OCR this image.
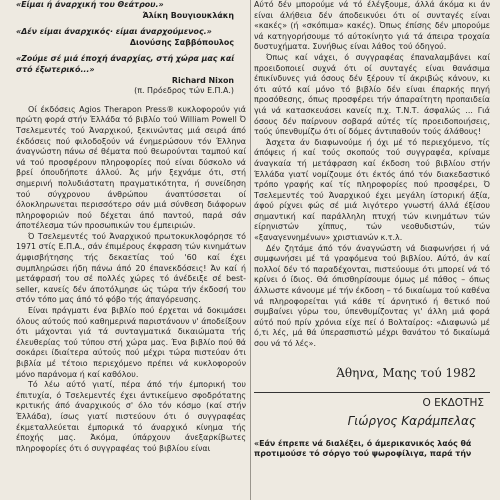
«Είμαι ή άναρχική του Θεάτρου.»
Άλίκη Βουγιουκλάκη
«Δέν είμαι άναρχικός· είμαι άναρχούμενος.»
Διονύσης Σαββόπουλος
«Ζούμε σέ μιά έποχή άναρχίας, στή χώρα μας καί στό έξωτερικό...»
Richard Nixon
(π. Πρόεδρος τών Ε.Π.Α.)

Οί έκδόσεις Agios Therapon Press® κυκλοφορούν γιά πρώτη φορά στήν Έλλάδα τό βιβλίο τού William Powell Ό Τσελεμεντές τού Άναρχικού, ξεκινώντας μιά σειρά άπό έκδόσεις πού φιλοδοξούν νά ένημερώσουν τόν Έλληνα άναγνώστη πάνω σέ θέματα πού θεωρούνται ταμπού καί νά τού προσφέρουν πληροφορίες πού είναι δύσκολο νά βρεί όπουδήποτε άλλού. Άς μήν ξεχνάμε ότι, στή σημερινή πολυδιάστατη πραγματικότητα, ή συνείδηση τού σύγχρονου άνθρώπου άναπτύσσεται οί όλοκληρωνεται περισσότερο σάν μιά σύνθεση διάφορων πληροφοριών πού δέχεται άπό παντού, παρά σάν άποτέλεσμα τών προσωπικών του έμπειριών.

Ό Τσελεμεντές τού Άναρχικού πρωτοκυκλοφόρησε τό 1971 στίς Ε.Π.Α., σάν έπιμέρους έκφραση τών κινημάτων άμφισβήτησης τής δεκαετίας τού '60 καί έχει συμπληρώσει ήδη πάνω άπό 20 έπανεκδόσεις! Άν καί ή μετάφρασή του σέ πολλές χώρες τό άνέδειξε σέ best-seller, κανείς δέν άποτόλμησε ώς τώρα τήν έκδοσή του στόν τόπο μας άπό τό φόβο τής άπαγόρευσης.

Είναι πράγματι ένα βιβλίο πού έρχεται νά δοκιμάσει όλους αύτούς πού καθημερινά παριστάνουν ν' άποδείξουν ότι μάχονται γιά τά συνταγματικά δικαιώματα τής έλευθερίας τού τύπου στή χώρα μας. Ένα βιβλίο πού θά σοκάρει ίδιαίτερα αύτούς πού μέχρι τώρα πιστεύαν ότι βιβλία μέ τέτοιο περιεχόμενο πρέπει νά κυκλοφορούν μόνο παράνομα ή καί καθόλου.

Τό λέω αύτό γιατί, πέρα άπό τήν έμπορική του έπιτυχία, ό Τσελεμεντές έχει άντικείμενο σφοδρότατης κριτικής άπό άναρχικούς σ' όλο τόν κόσμο (καί στήν Έλλάδα), ίσως γιατί πιστεύουν ότι ό συγγραφέας έκμεταλλεύεται έμπορικά τό άναρχικό κίνημα τής έποχής μας. Άκόμα, ύπάρχουν άνεξαρκίβωτες πληροφορίες ότι ό συγγραφέας τού βιβλίου είναι

Αύτό δέν μπορούμε νά τό έλέγξουμε, άλλά άκόμα κι άν είναι άλήθεια δέν άποδεικνύει ότι οί συνταγές είναι «κακές» (ή «σκόπιμα» κακές). Όπως έπίσης δέν μπορούμε νά κατηγορήσουμε τό αύτοκίνητο γιά τά άπειρα τροχαία δυστυχήματα. Συνήθως είναι λάθος τού όδηγού.

Όπως καί νάχει, ό συγγραφέας έπαναλαμβάνει καί προειδοποιεί συχνά ότι οί συνταγές είναι θανάσιμα έπικίνδυνες γιά όσους δέν ξέρουν τί άκριβώς κάνουν, κι ότι αύτό καί μόνο τό βιβλίο δέν είναι έπαρκής πηγή προσόθεσης, όπως προσφέρει τήν άπαραίτητη προπαιδεία γιά νά κατασκευάσει κανείς π.χ. Τ.Ν.Τ. άσφαλώς ... Γιά όσους δέν παίρνουν σοβαρά αύτές τίς προειδοποιήσεις, τούς ύπενθυμίζω ότι οί δόμες άντιπαθούν τούς άλάθους!

Άσχετα άν διαφωνούμε ή όχι μέ τό περιεχόμενο, τίς άπόψεις ή καί τούς σκοπούς τού συγγραφέα, κρίναμε άναγκαία τή μετάφραση καί έκδοση τού βιβλίου στήν Έλλάδα γιατί νομίζουμε ότι έκτός άπό τόν διακεδαστικό τρόπο γραφής καί τίς πληροφορίες πού προσφέρει, Ό Τσελεμεντές τού Άναρχικού έχει μεγάλη ίστορική άξία, άφού ρίχνει φώς σέ μιά λιγότερο γνωστή άλλά έξίσου σημαντική καί παράλληλη πτυχή τών κινημάτων τών είρηνιστών χίππυς, τών νεοθυδιστών, τών «ξαναγεννημένων» χριστιανών κ.τ.λ.

Δέν ζητάμε άπό τόν άναγνώστη νά διαφωνήσει ή νά συμφωνήσει μέ τά γραφόμενα τού βιβλίου. Αύτό, άν καί πολλοί δέν τό παραδέχονται, πιστεύουμε ότι μπορεί νά τό κρίνει ό ίδιος. Θά όπισθηρίσουμε όμως μέ πάθος – όπως άλλωστε κάνουμε μέ τήν έκδοση – τό δικαίωμα τού καθένα νά πληροφορείται γιά κάθε τί άρνητικό ή θετικό πού συμβαίνει γύρω του, ύπενθυμίζοντας γι' άλλη μιά φορά αύτό πού πρίν χρόνια είχε πεί ό Βολταίρος: «Διαφωνώ μέ ό,τι λές, μά θά ύπερασπιστώ μέχρι θανάτου τό δικαίωμά σου νά τό λές».

Άθηνα, Μαης τού 1982
Ο ΕΚΔΟΤΗΣ
Γιώργος Καράμπελας
«Εάν έπρεπε νά διαλέξει, ό άμερικανικός λαός θά προτιμούσε τό σόργο τού ψωροφίλιγα, παρά τήν
